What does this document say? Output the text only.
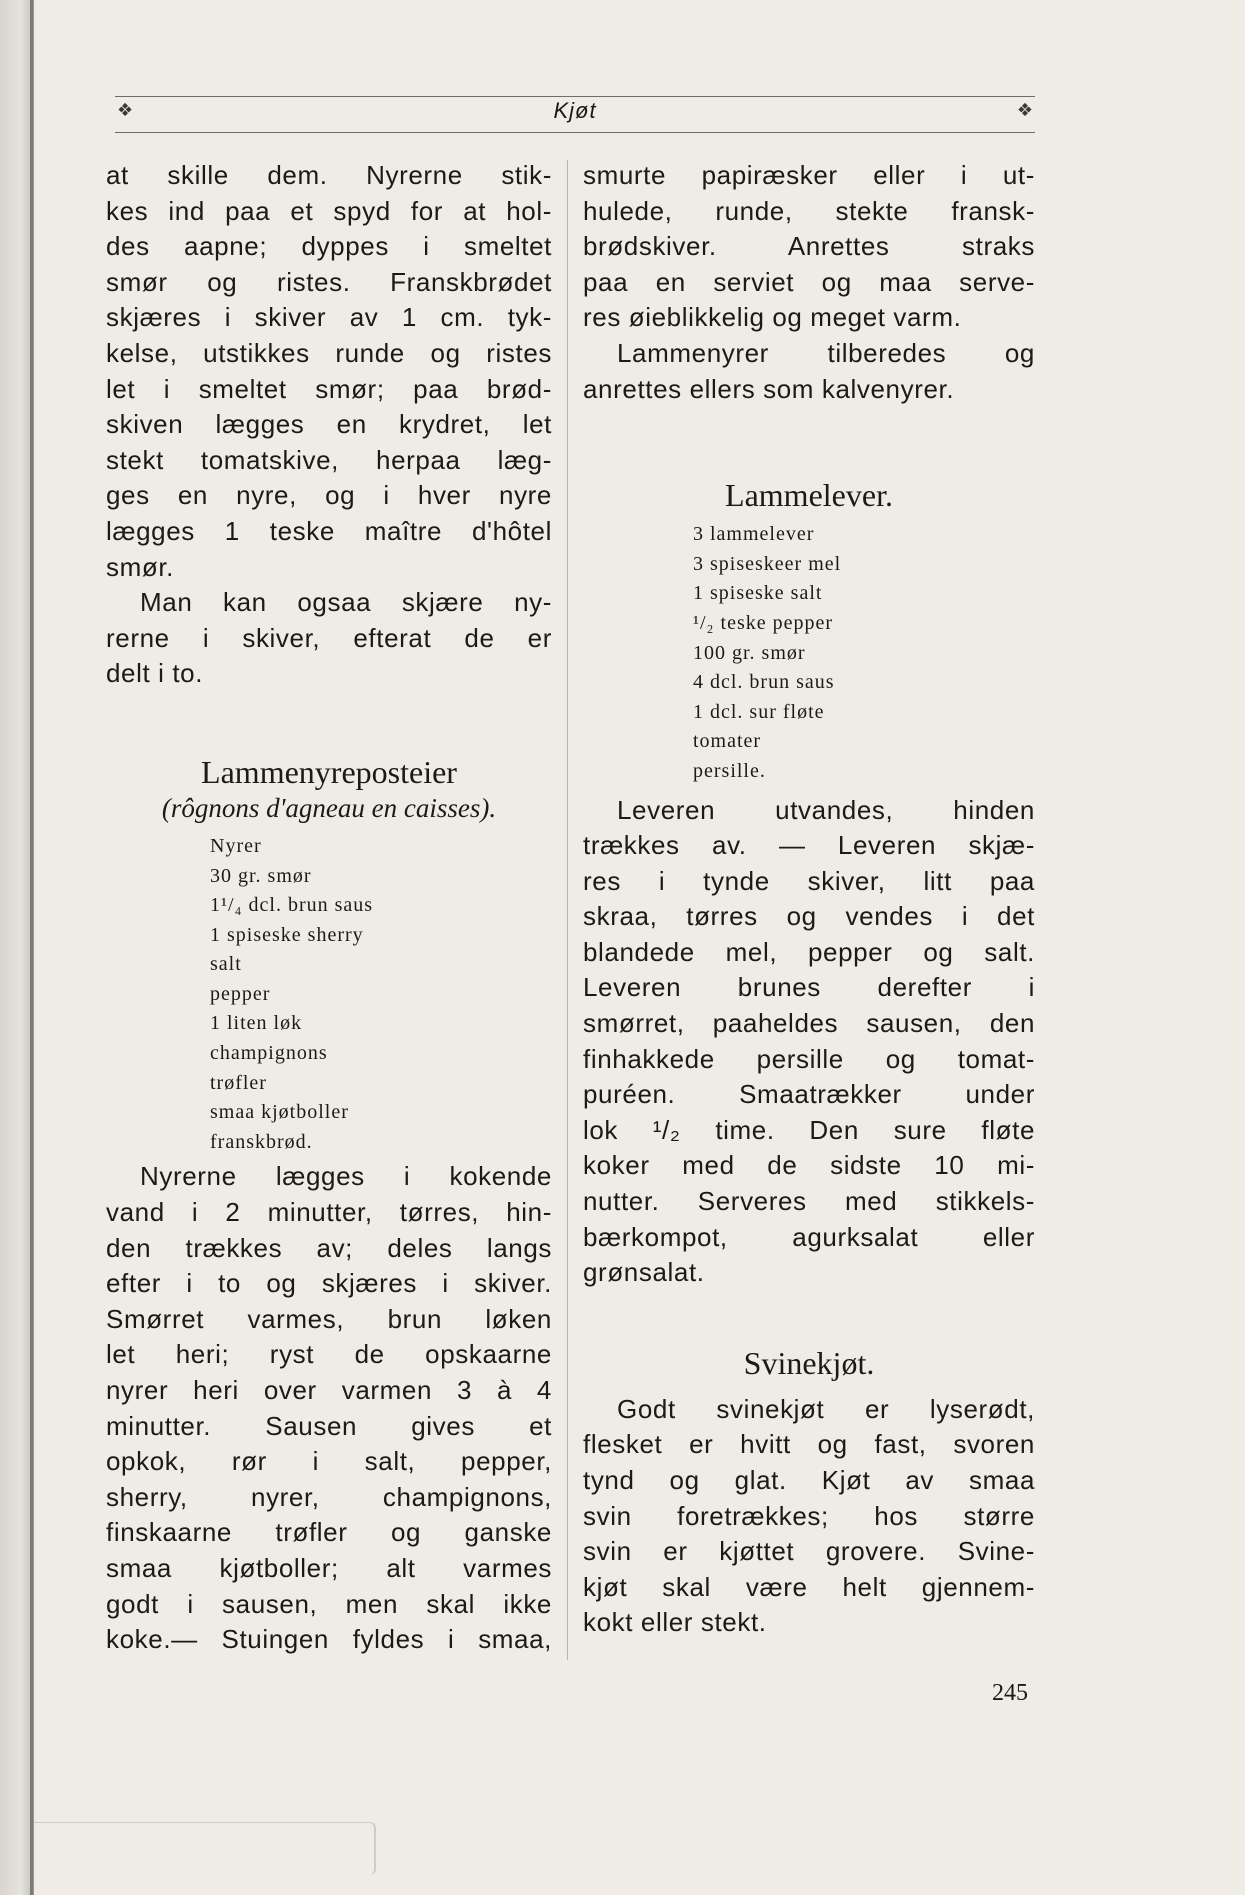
❖	Kjøt	❖
at skille dem. Nyrerne stik-
kes ind paa et spyd for at hol-
des aapne; dyppes i smeltet
smør og ristes. Franskbrødet
skjæres i skiver av 1 cm. tyk-
kelse, utstikkes runde og ristes
let i smeltet smør; paa brød-
skiven lægges en krydret, let
stekt tomatskive, herpaa læg-
ges en nyre, og i hver nyre
lægges 1 teske maître d'hôtel
smør.
Man kan ogsaa skjære ny-
rerne i skiver, efterat de er
delt i to.
Lammenyreposteier
(rôgnons d'agneau en caisses).
Nyrer
30 gr. smør
1¹/₄ dcl. brun saus
1 spiseske sherry
salt
pepper
1 liten løk
champignons
trøfler
smaa kjøtboller
franskbrød.
Nyrerne lægges i kokende
vand i 2 minutter, tørres, hin-
den trækkes av; deles langs
efter i to og skjæres i skiver.
Smørret varmes, brun løken
let heri; ryst de opskaarne
nyrer heri over varmen 3 à 4
minutter. Sausen gives et
opkok, rør i salt, pepper,
sherry, nyrer, champignons,
finskaarne trøfler og ganske
smaa kjøtboller; alt varmes
godt i sausen, men skal ikke
koke.— Stuingen fyldes i smaa,
smurte papiræsker eller i ut-
hulede, runde, stekte fransk-
brødskiver. Anrettes straks
paa en serviet og maa serve-
res øieblikkelig og meget varm.
Lammenyrer tilberedes og
anrettes ellers som kalvenyrer.
Lammelever.
3 lammelever
3 spiseskeer mel
1 spiseske salt
¹/₂ teske pepper
100 gr. smør
4 dcl. brun saus
1 dcl. sur fløte
tomater
persille.
Leveren utvandes, hinden
trækkes av. — Leveren skjæ-
res i tynde skiver, litt paa
skraa, tørres og vendes i det
blandede mel, pepper og salt.
Leveren brunes derefter i
smørret, paaheldes sausen, den
finhakkede persille og tomat-
puréen. Smaatrækker under
lok ¹/₂ time. Den sure fløte
koker med de sidste 10 mi-
nutter. Serveres med stikkels-
bærkompot, agurksalat eller
grønsalat.
Svinekjøt.
Godt svinekjøt er lyserødt,
flesket er hvitt og fast, svoren
tynd og glat. Kjøt av smaa
svin foretrækkes; hos større
svin er kjøttet grovere. Svine-
kjøt skal være helt gjennem-
kokt eller stekt.
245
